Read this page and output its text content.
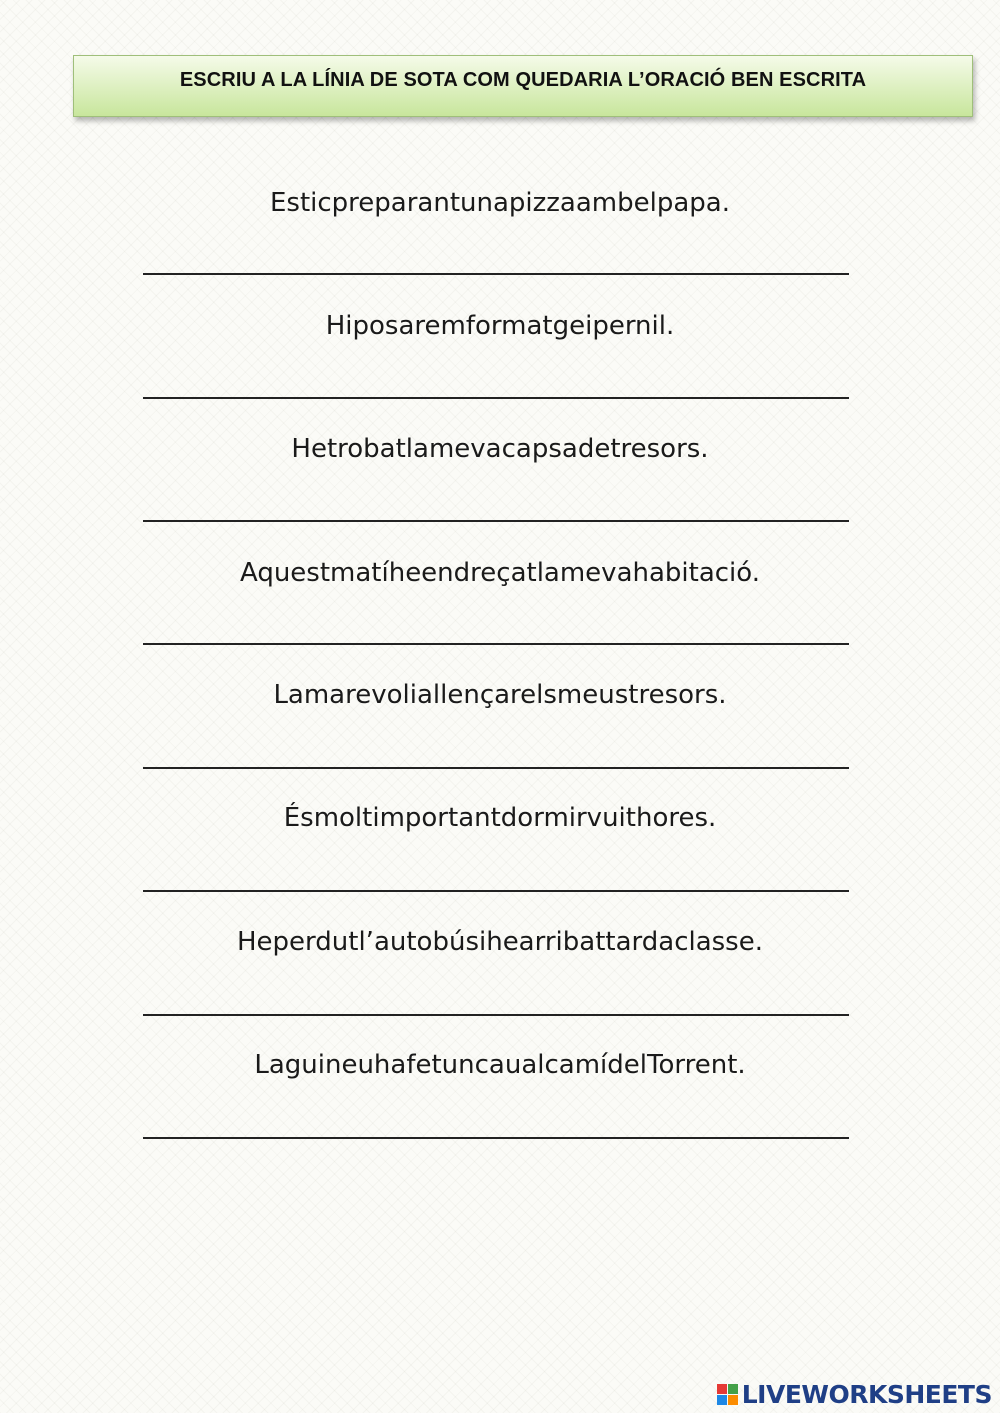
ESCRIU A LA LÍNIA DE SOTA COM QUEDARIA L’ORACIÓ BEN ESCRITA
Esticpreparantunapizzaambelpapa.
Hiposaremformatgeipernil.
Hetrobatlamevacapsadetresors.
Aquestmatíheendreçatlamevahabitació.
Lamarevoliallençarelsmeustresors.
Ésmoltimportantdormirvuithores.
Heperdutl’autobúsihearribattardaclasse.
LaguineuhafetuncaualcamídelTorrent.
LIVEWORKSHEETS
